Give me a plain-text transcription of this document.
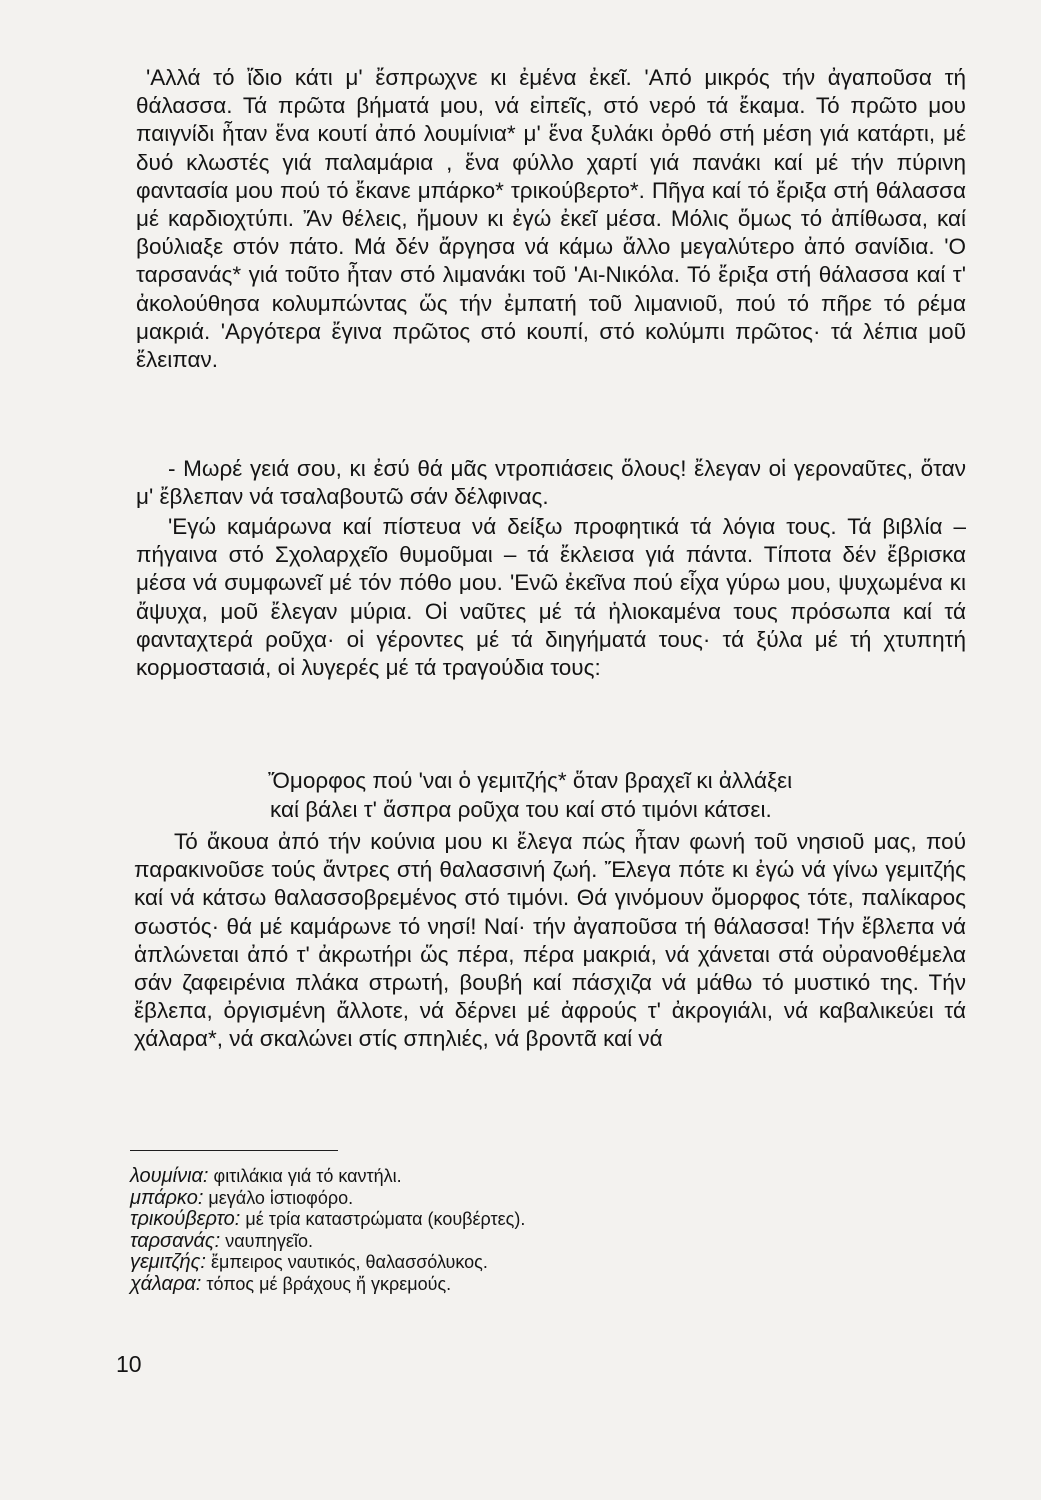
'Αλλά τό ἴδιο κάτι μ' ἔσπρωχνε κι ἐμένα ἐκεῖ. 'Από μικρός τήν ἀγαποῦσα τή θάλασσα. Τά πρῶτα βήματά μου, νά εἰπεῖς, στό νερό τά ἔκαμα. Τό πρῶτο μου παιγνίδι ἦταν ἕνα κουτί ἀπό λουμίνια* μ' ἕνα ξυλάκι ὀρθό στή μέση γιά κατάρτι, μέ δυό κλωστές γιά παλαμάρια , ἕνα φύλλο χαρτί γιά πανάκι καί μέ τήν πύρινη φαντασία μου πού τό ἔκανε μπάρκο* τρικούβερτο*. Πῆγα καί τό ἔριξα στή θάλασσα μέ καρδιοχτύπι. Ἄν θέλεις, ἤμουν κι ἐγώ ἐκεῖ μέσα. Μόλις ὅμως τό ἀπίθωσα, καί βούλιαξε στόν πάτο. Μά δέν ἄργησα νά κάμω ἄλλο μεγαλύτερο ἀπό σανίδια. 'Ο ταρσανάς* γιά τοῦτο ἦταν στό λιμανάκι τοῦ 'Αι-Νικόλα. Τό ἔριξα στή θάλασσα καί τ' ἀκολούθησα κολυμπώντας ὥς τήν ἐμπατή τοῦ λιμανιοῦ, πού τό πῆρε τό ρέμα μακριά. 'Αργότερα ἔγινα πρῶτος στό κουπί, στό κολύμπι πρῶτος· τά λέπια μοῦ ἔλειπαν.

- Μωρέ γειά σου, κι ἐσύ θά μᾶς ντροπιάσεις ὅλους! ἔλεγαν οἱ γεροναῦτες, ὅταν μ' ἔβλεπαν νά τσαλαβουτῶ σάν δέλφινας.

'Εγώ καμάρωνα καί πίστευα νά δείξω προφητικά τά λόγια τους. Τά βιβλία – πήγαινα στό Σχολαρχεῖο θυμοῦμαι – τά ἔκλεισα γιά πάντα. Τίποτα δέν ἔβρισκα μέσα νά συμφωνεῖ μέ τόν πόθο μου. 'Ενῶ ἐκεῖνα πού εἶχα γύρω μου, ψυχωμένα κι ἄψυχα, μοῦ ἔλεγαν μύρια. Οἱ ναῦτες μέ τά ἡλιοκαμένα τους πρόσωπα καί τά φανταχτερά ροῦχα· οἱ γέροντες μέ τά διηγήματά τους· τά ξύλα μέ τή χτυπητή κορμοστασιά, οἱ λυγερές μέ τά τραγούδια τους:

Ὄμορφος πού 'ναι ὁ γεμιτζής* ὅταν βραχεῖ κι ἀλλάξει
καί βάλει τ' ἄσπρα ροῦχα του καί στό τιμόνι κάτσει.

Τό ἄκουα ἀπό τήν κούνια μου κι ἔλεγα πώς ἦταν φωνή τοῦ νησιοῦ μας, πού παρακινοῦσε τούς ἄντρες στή θαλασσινή ζωή. Ἔλεγα πότε κι ἐγώ νά γίνω γεμιτζής καί νά κάτσω θαλασσοβρεμένος στό τιμόνι. Θά γινόμουν ὄμορφος τότε, παλίκαρος σωστός· θά μέ καμάρωνε τό νησί! Ναί· τήν ἀγαποῦσα τή θάλασσα! Τήν ἔβλεπα νά ἁπλώνεται ἀπό τ' ἀκρωτήρι ὥς πέρα, πέρα μακριά, νά χάνεται στά οὐρανοθέμελα σάν ζαφειρένια πλάκα στρωτή, βουβή καί πάσχιζα νά μάθω τό μυστικό της. Τήν ἔβλεπα, ὀργισμένη ἄλλοτε, νά δέρνει μέ ἀφρούς τ' ἀκρογιάλι, νά καβαλικεύει τά χάλαρα*, νά σκαλώνει στίς σπηλιές, νά βροντᾶ καί νά

λουμίνια: φιτιλάκια γιά τό καντήλι.
μπάρκο: μεγάλο ἱστιοφόρο.
τρικούβερτο: μέ τρία καταστρώματα (κουβέρτες).
ταρσανάς: ναυπηγεῖο.
γεμιτζής: ἔμπειρος ναυτικός, θαλασσόλυκος.
χάλαρα: τόπος μέ βράχους ἤ γκρεμούς.
10
